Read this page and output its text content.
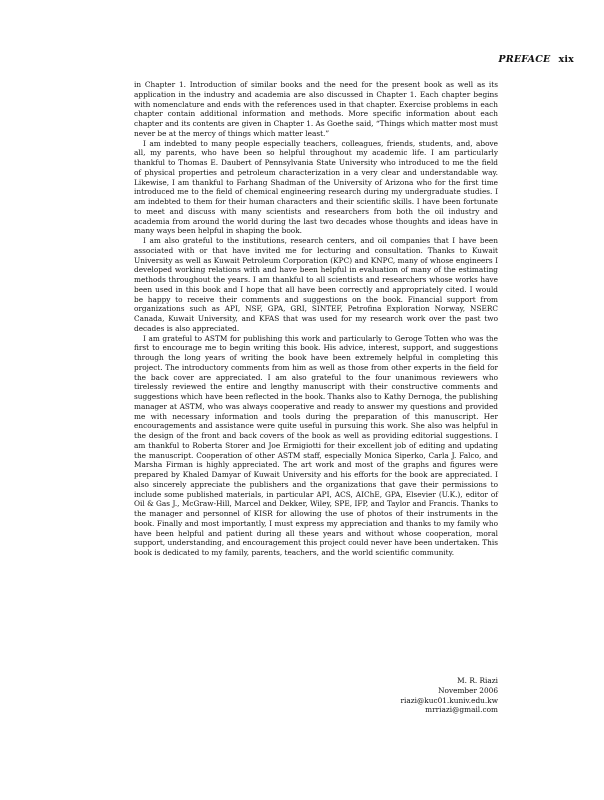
PREFACE xix

in Chapter 1. Introduction of similar books and the need for the present book as well as its application in the industry and academia are also discussed in Chapter 1. Each chapter begins with nomenclature and ends with the references used in that chapter. Exercise problems in each chapter contain additional information and methods. More specific information about each chapter and its contents are given in Chapter 1. As Goethe said, “Things which matter most must never be at the mercy of things which matter least.”

I am indebted to many people especially teachers, colleagues, friends, students, and, above all, my parents, who have been so helpful throughout my academic life. I am particularly thankful to Thomas E. Daubert of Pennsylvania State University who introduced to me the field of physical properties and petroleum characterization in a very clear and understandable way. Likewise, I am thankful to Farhang Shadman of the University of Arizona who for the first time introduced me to the field of chemical engineering research during my undergraduate studies. I am indebted to them for their human characters and their scientific skills. I have been fortunate to meet and discuss with many scientists and researchers from both the oil industry and academia from around the world during the last two decades whose thoughts and ideas have in many ways been helpful in shaping the book.

I am also grateful to the institutions, research centers, and oil companies that I have been associated with or that have invited me for lecturing and consultation. Thanks to Kuwait University as well as Kuwait Petroleum Corporation (KPC) and KNPC, many of whose engineers I developed working relations with and have been helpful in evaluation of many of the estimating methods throughout the years. I am thankful to all scientists and researchers whose works have been used in this book and I hope that all have been correctly and appropriately cited. I would be happy to receive their comments and suggestions on the book. Financial support from organizations such as API, NSF, GPA, GRI, SINTEF, Petrofina Exploration Norway, NSERC Canada, Kuwait University, and KFAS that was used for my research work over the past two decades is also appreciated.

I am grateful to ASTM for publishing this work and particularly to Geroge Totten who was the first to encourage me to begin writing this book. His advice, interest, support, and suggestions through the long years of writing the book have been extremely helpful in completing this project. The introductory comments from him as well as those from other experts in the field for the back cover are appreciated. I am also grateful to the four unanimous reviewers who tirelessly reviewed the entire and lengthy manuscript with their constructive comments and suggestions which have been reflected in the book. Thanks also to Kathy Dernoga, the publishing manager at ASTM, who was always cooperative and ready to answer my questions and provided me with necessary information and tools during the preparation of this manuscript. Her encouragements and assistance were quite useful in pursuing this work. She also was helpful in the design of the front and back covers of the book as well as providing editorial suggestions. I am thankful to Roberta Storer and Joe Ermigiotti for their excellent job of editing and updating the manuscript. Cooperation of other ASTM staff, especially Monica Siperko, Carla J. Falco, and Marsha Firman is highly appreciated. The art work and most of the graphs and figures were prepared by Khaled Damyar of Kuwait University and his efforts for the book are appreciated. I also sincerely appreciate the publishers and the organizations that gave their permissions to include some published materials, in particular API, ACS, AIChE, GPA, Elsevier (U.K.), editor of Oil & Gas J., McGraw-Hill, Marcel and Dekker, Wiley, SPE, IFP, and Taylor and Francis. Thanks to the manager and personnel of KISR for allowing the use of photos of their instruments in the book. Finally and most importantly, I must express my appreciation and thanks to my family who have been helpful and patient during all these years and without whose cooperation, moral support, understanding, and encouragement this project could never have been undertaken. This book is dedicated to my family, parents, teachers, and the world scientific community.

M. R. Riazi
November 2006
riazi@kuc01.kuniv.edu.kw
mrriazi@gmail.com
